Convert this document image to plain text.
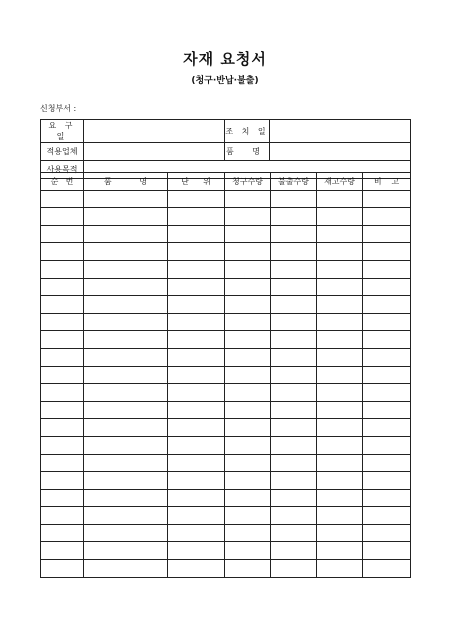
자재 요청서
(청구·반납·불출)
신청부서 :
요 구 일		조 치 일	
적용업체		품 명	
사용목적			
순 번	품 명	단 위	청구수량	불출수량	재고수량	비 고
